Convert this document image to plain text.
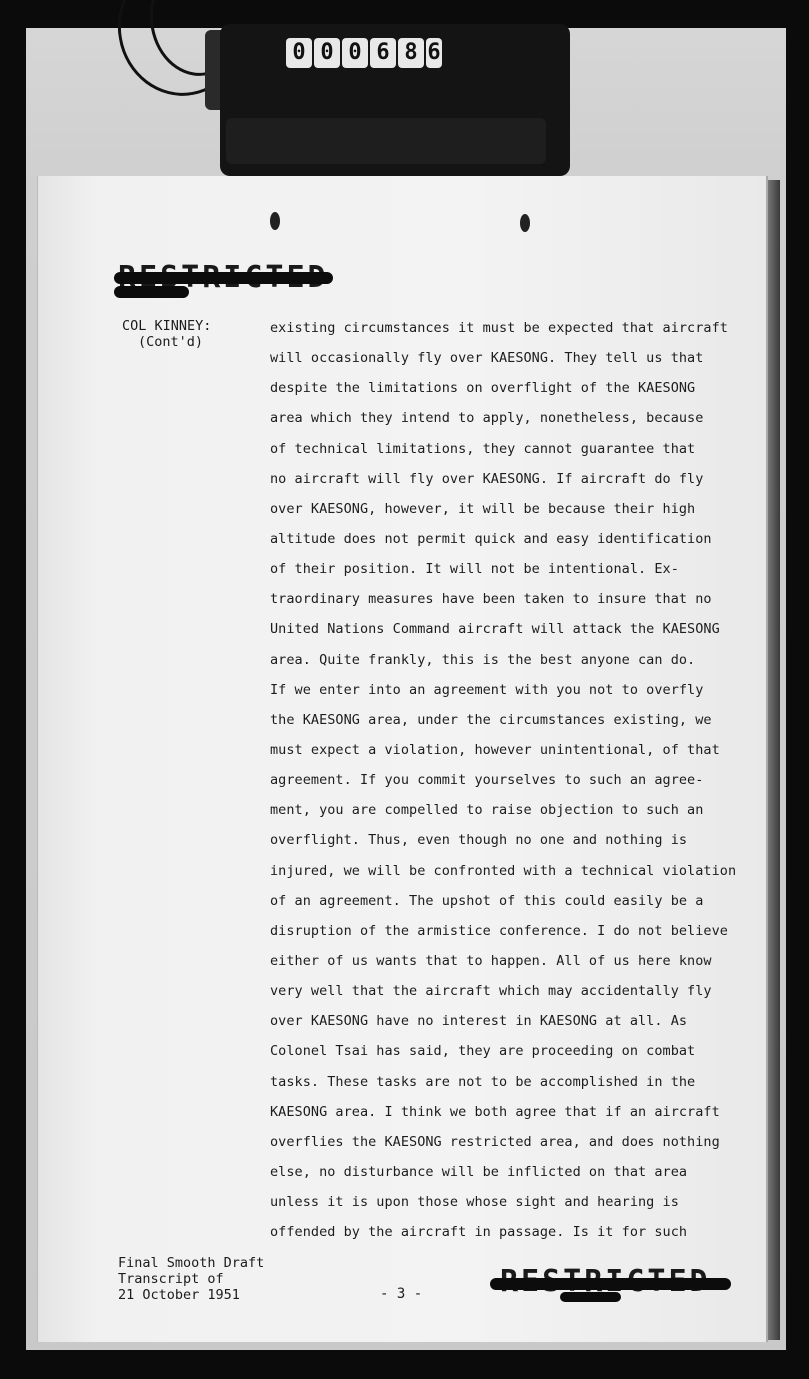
0 0 0 6 8 6
COL KINNEY:
(Cont'd)
existing circumstances it must be expected that aircraft
will occasionally fly over KAESONG. They tell us that
despite the limitations on overflight of the KAESONG
area which they intend to apply, nonetheless, because
of technical limitations, they cannot guarantee that
no aircraft will fly over KAESONG. If aircraft do fly
over KAESONG, however, it will be because their high
altitude does not permit quick and easy identification
of their position. It will not be intentional. Ex-
traordinary measures have been taken to insure that no
United Nations Command aircraft will attack the KAESONG
area. Quite frankly, this is the best anyone can do.
If we enter into an agreement with you not to overfly
the KAESONG area, under the circumstances existing, we
must expect a violation, however unintentional, of that
agreement. If you commit yourselves to such an agree-
ment, you are compelled to raise objection to such an
overflight. Thus, even though no one and nothing is
injured, we will be confronted with a technical violation
of an agreement. The upshot of this could easily be a
disruption of the armistice conference. I do not believe
either of us wants that to happen. All of us here know
very well that the aircraft which may accidentally fly
over KAESONG have no interest in KAESONG at all. As
Colonel Tsai has said, they are proceeding on combat
tasks. These tasks are not to be accomplished in the
KAESONG area. I think we both agree that if an aircraft
overflies the KAESONG restricted area, and does nothing
else, no disturbance will be inflicted on that area
unless it is upon those whose sight and hearing is
offended by the aircraft in passage. Is it for such
Final Smooth Draft
Transcript of
21 October 1951	- 3 -
